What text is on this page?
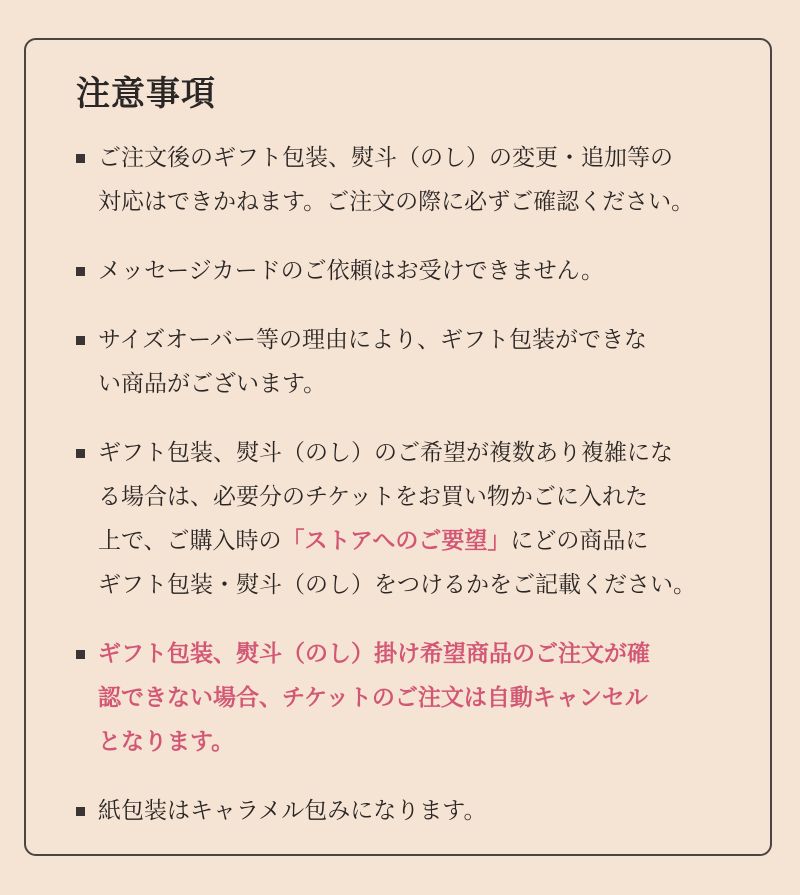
注意事項
ご注文後のギフト包装、熨斗（のし）の変更・追加等の
対応はできかねます。ご注文の際に必ずご確認ください。
メッセージカードのご依頼はお受けできません。
サイズオーバー等の理由により、ギフト包装ができな
い商品がございます。
ギフト包装、熨斗（のし）のご希望が複数あり複雑にな
る場合は、必要分のチケットをお買い物かごに入れた
上で、ご購入時の「ストアへのご要望」にどの商品に
ギフト包装・熨斗（のし）をつけるかをご記載ください。
ギフト包装、熨斗（のし）掛け希望商品のご注文が確
認できない場合、チケットのご注文は自動キャンセル
となります。
紙包装はキャラメル包みになります。
